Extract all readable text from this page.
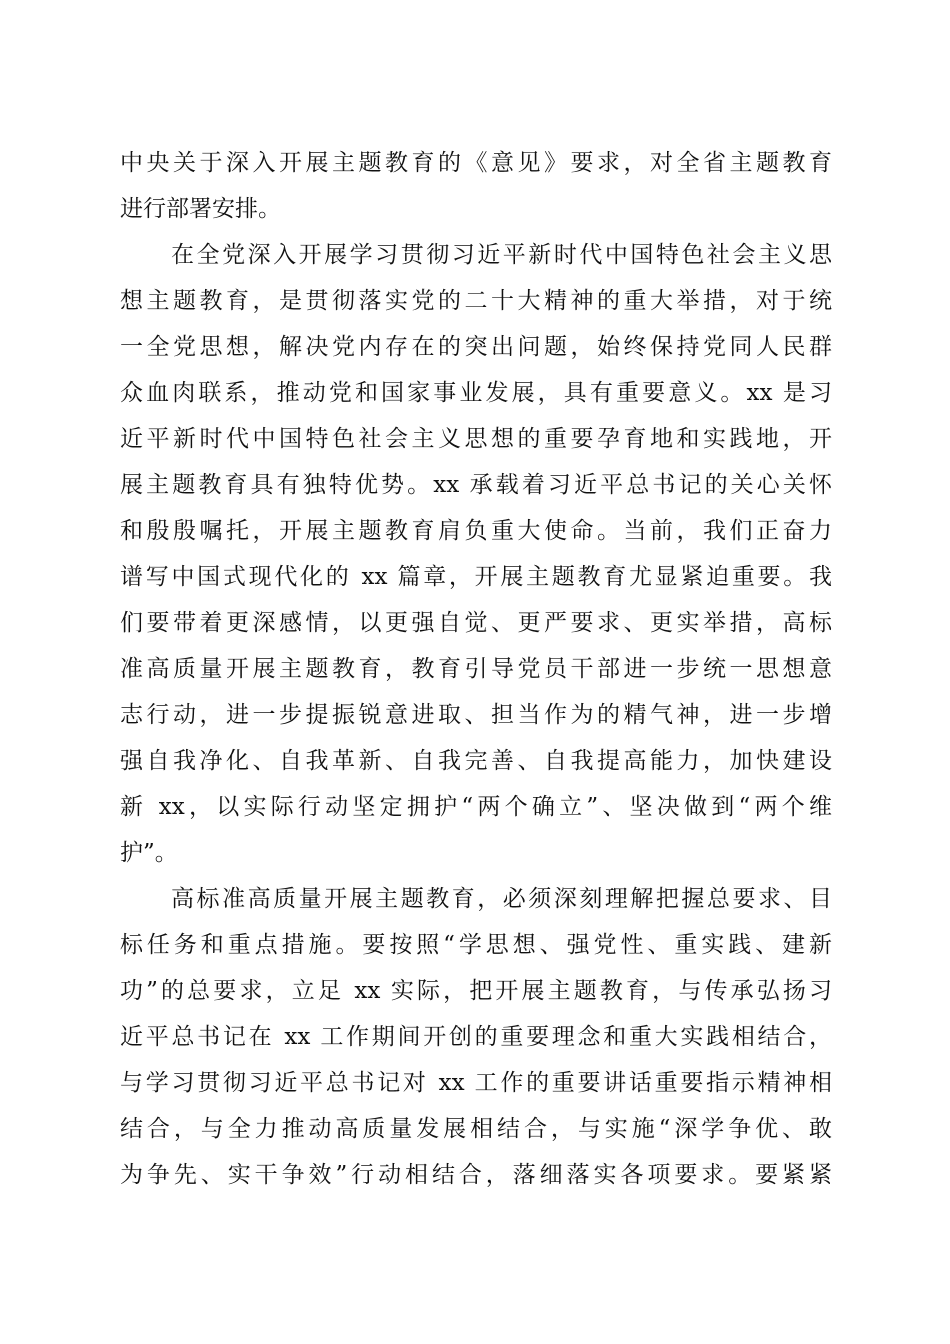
中央关于深入开展主题教育的《意见》要求，对全省主题教育
进行部署安排。
　　在全党深入开展学习贯彻习近平新时代中国特色社会主义思
想主题教育，是贯彻落实党的二十大精神的重大举措，对于统
一全党思想，解决党内存在的突出问题，始终保持党同人民群
众血肉联系，推动党和国家事业发展，具有重要意义。xx 是习
近平新时代中国特色社会主义思想的重要孕育地和实践地，开
展主题教育具有独特优势。xx 承载着习近平总书记的关心关怀
和殷殷嘱托，开展主题教育肩负重大使命。当前，我们正奋力
谱写中国式现代化的 xx 篇章，开展主题教育尤显紧迫重要。我
们要带着更深感情，以更强自觉、更严要求、更实举措，高标
准高质量开展主题教育，教育引导党员干部进一步统一思想意
志行动，进一步提振锐意进取、担当作为的精气神，进一步增
强自我净化、自我革新、自我完善、自我提高能力，加快建设
新 xx，以实际行动坚定拥护“两个确立”、坚决做到“两个维
护”。
　　高标准高质量开展主题教育，必须深刻理解把握总要求、目
标任务和重点措施。要按照“学思想、强党性、重实践、建新
功”的总要求，立足 xx 实际，把开展主题教育，与传承弘扬习
近平总书记在 xx 工作期间开创的重要理念和重大实践相结合，
与学习贯彻习近平总书记对 xx 工作的重要讲话重要指示精神相
结合，与全力推动高质量发展相结合，与实施“深学争优、敢
为争先、实干争效”行动相结合，落细落实各项要求。要紧紧
